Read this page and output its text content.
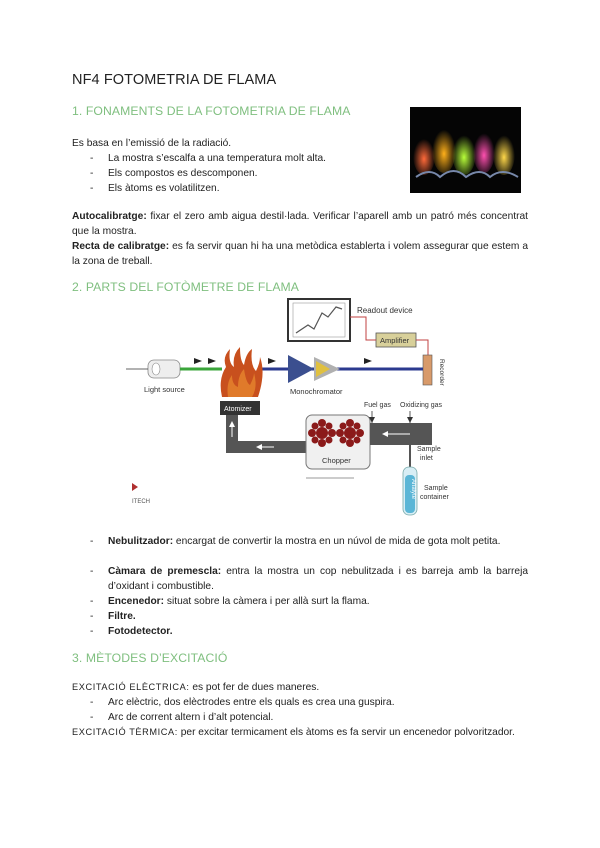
NF4 FOTOMETRIA DE FLAMA
1. FONAMENTS DE LA FOTOMETRIA DE FLAMA
Es basa en l’emissió de la radiació.
-	La mostra s’escalfa a una temperatura molt alta.
-	Els compostos es descomponen.
-	Els àtoms es volatilitzen.
Autocalibratge: fixar el zero amb aigua destil·lada. Verificar l’aparell amb un patró més concentrat que la mostra.
Recta de calibratge: es fa servir quan hi ha una metòdica establerta i volem assegurar que estem a la zona de treball.
2. PARTS DEL FOTÒMETRE DE FLAMA
Readout device
Amplifier
Recorder
Light source	Monochromator
Atomizer
Chopper
Fuel gas Oxidizing gas
Sample
inlet
Analyte Sample
container
ITECH
-	Nebulitzador: encargat de convertir la mostra en un núvol de mida de gota molt petita.
-	Càmara de premescla: entra la mostra un cop nebulitzada i es barreja amb la barreja d’oxidant i combustible.
-	Encenedor: situat sobre la càmera i per allà surt la flama.
-	Filtre.
-	Fotodetector.
3. MÈTODES D’EXCITACIÓ
EXCITACIÓ ELÈCTRICA: es pot fer de dues maneres.
-	Arc elèctric, dos elèctrodes entre els quals es crea una guspira.
-	Arc de corrent altern i d’alt potencial.
EXCITACIÓ TÈRMICA: per excitar termicament els àtoms es fa servir un encenedor polvoritzador.
